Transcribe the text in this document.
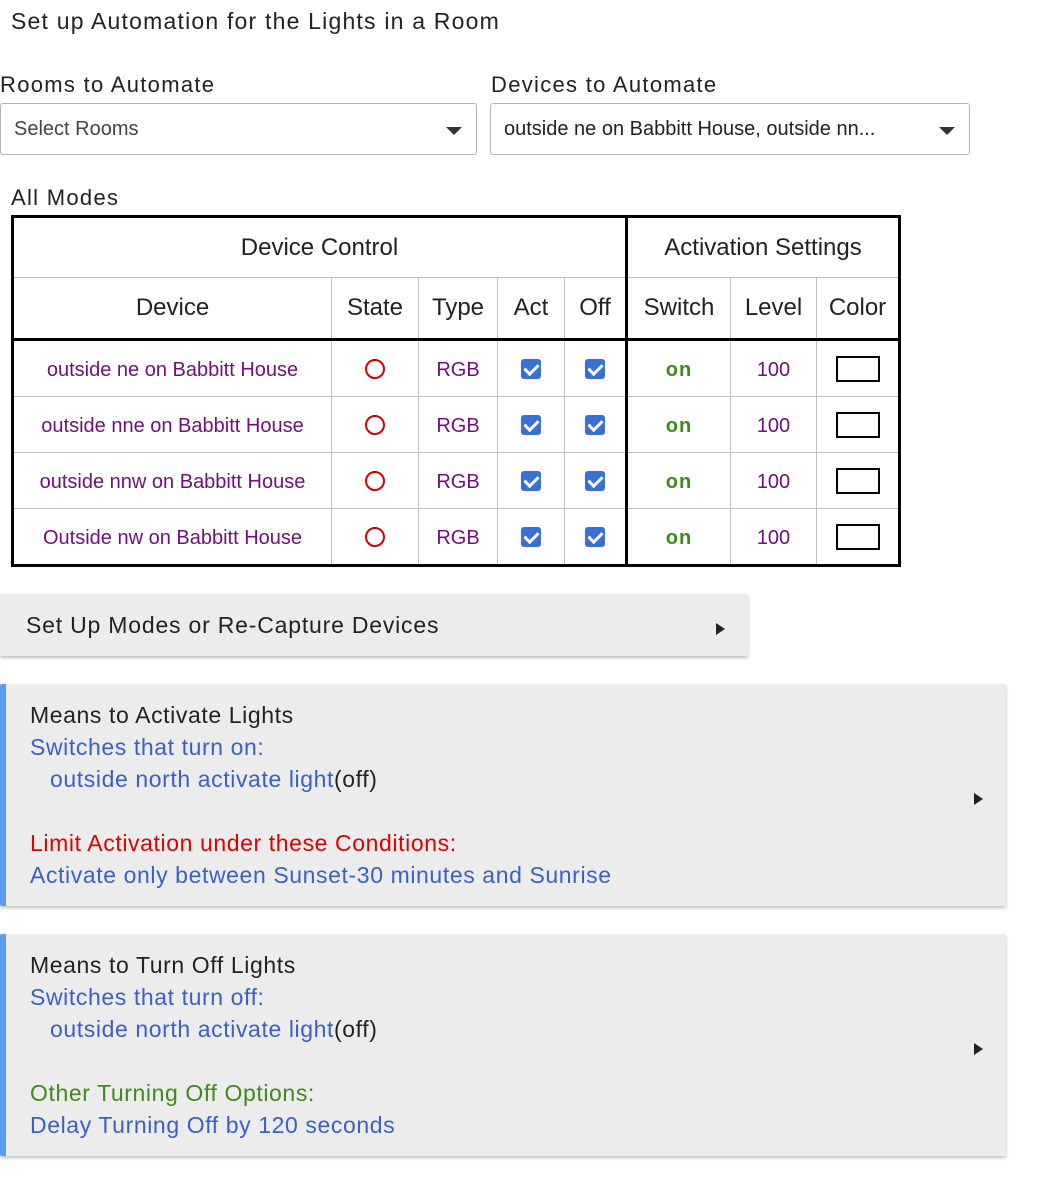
Set up Automation for the Lights in a Room
Rooms to Automate
Select Rooms
Devices to Automate
outside ne on Babbitt House, outside nn...
All Modes
Device Control					Activation Settings		
Device	State	Type	Act	Off	Switch	Level	Color
outside ne on Babbitt House		RGB			on	100	
outside nne on Babbitt House		RGB			on	100	
outside nnw on Babbitt House		RGB			on	100	
Outside nw on Babbitt House		RGB			on	100	
Set Up Modes or Re-Capture Devices
Means to Activate Lights
Switches that turn on:
outside north activate light(off)
Limit Activation under these Conditions:
Activate only between Sunset-30 minutes and Sunrise
Means to Turn Off Lights
Switches that turn off:
outside north activate light(off)
Other Turning Off Options:
Delay Turning Off by 120 seconds
